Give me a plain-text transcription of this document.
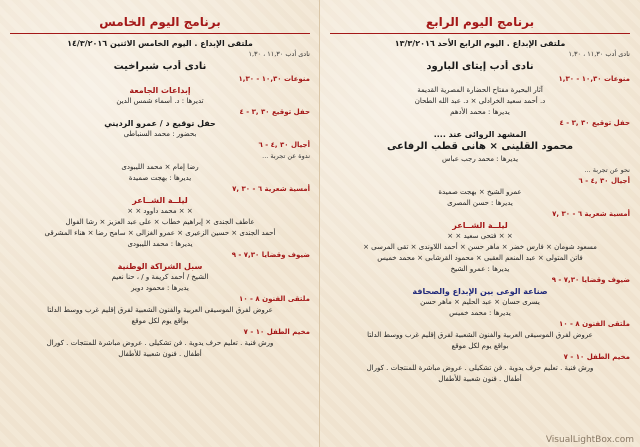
برنامج اليوم الخامس
ملتقى الإبداع . اليوم الخامس الاثنين ١٤/٣/٢٠١٦
نادى أدب ١١,٣٠ ، ١,٣٠
نادى أدب شبراخيت
منوعات ١٠,٣٠ - ١,٣٠
إبداعات الجامعة
تديرها : د. أسماء شمس الدين
حفل توقيع ٣٠ ,٣ - ٤
حفل توقيع د / عمرو الرديني
بحضور : محمد السنباطى
أجيال ٣٠ ,٤ - ٦
ندوة عن تجربة ...
رضا إمام × محمد الليبودى
يديرها : بهجت صميدة
أمسية شعرية ٦ - ٣٠ ,٧
ليلــة الشــاعر
× × محمد داوود × ×
عاطف الجندى × إبراهيم خطاب × على عبد العزيز × رشا الفوال
أحمد الجندى × حسين الزعيرى × عمرو الغزالى × سامح رضا × هناء المشرقى
يديرها : محمد الليبودى
ضيوف وقضايا ٧,٣٠ - ٩
سبل الشراكة الوطنية
الشيخ / أحمد كريمة و / ، حنا نعيم
يديرها : محمود دوير
ملتقى الفنون ٨ - ١٠
عروض لفرق الموسيقى العربية والفنون الشعبية لفرق إقليم غرب ووسط الدلتا
بواقع يوم لكل موقع
مخيم الطفل ١٠ - ٧
ورش فنية . تعليم حرف يدوية . فن تشكيلى . عروض مباشرة للمنتجات . كورال
أطفال . فنون شعبية للأطفال
برنامج اليوم الرابع
ملتقى الإبداع . اليوم الرابع الأحد ١٣/٣/٢٠١٦
نادى أدب ١١,٣٠ ، ١,٣٠
نادى أدب إيتاى البارود
منوعات ١٠,٣٠ - ١,٣٠
آثار البحيرة مفتاح الحضارة المصرية القديمة
د. أحمد سعيد الخرادلى × د. عبد الله الطحان
يديرها : محمد الأدهم
حفل توقيع ٣٠ ,٣ - ٤
المشهد الروائى عند ....
محمود القلينى × هانى قطب الرفاعى
يديرها : محمد رجب عباس
نحو عن تجربة ...
أجيال ٣٠ ,٤ - ٦
عمرو الشيخ × بهجت صميدة
يديرها : حسن المصرى
أمسية شعرية ٦ - ٣٠ ,٧
ليلــة الشــاعر
× × فتحى سعيد × ×
مسعود شومان × فارس خضر × ماهر حسن × أحمد اللاوندى × تقى المرسى ×
فاتن المتولى × عبد المنعم العقبى × محمود القرشابى × محمد خميس
يديرها : عمرو الشيخ
ضيوف وقضايا ٧,٣٠ - ٩
صناعة الوعى بين الإبداع والصحافة
يسرى حسان × عبد الحليم × ماهر حسن
يديرها : محمد خميس
ملتقى الفنون ٨ - ١٠
عروض لفرق الموسيقى العربية والفنون الشعبية لفرق إقليم غرب ووسط الدلتا
بواقع يوم لكل موقع
مخيم الطفل ١٠ - ٧
ورش فنية . تعليم حرف يدوية . فن تشكيلى . عروض مباشرة للمنتجات . كورال
أطفال . فنون شعبية للأطفال
VisualLightBox.com
